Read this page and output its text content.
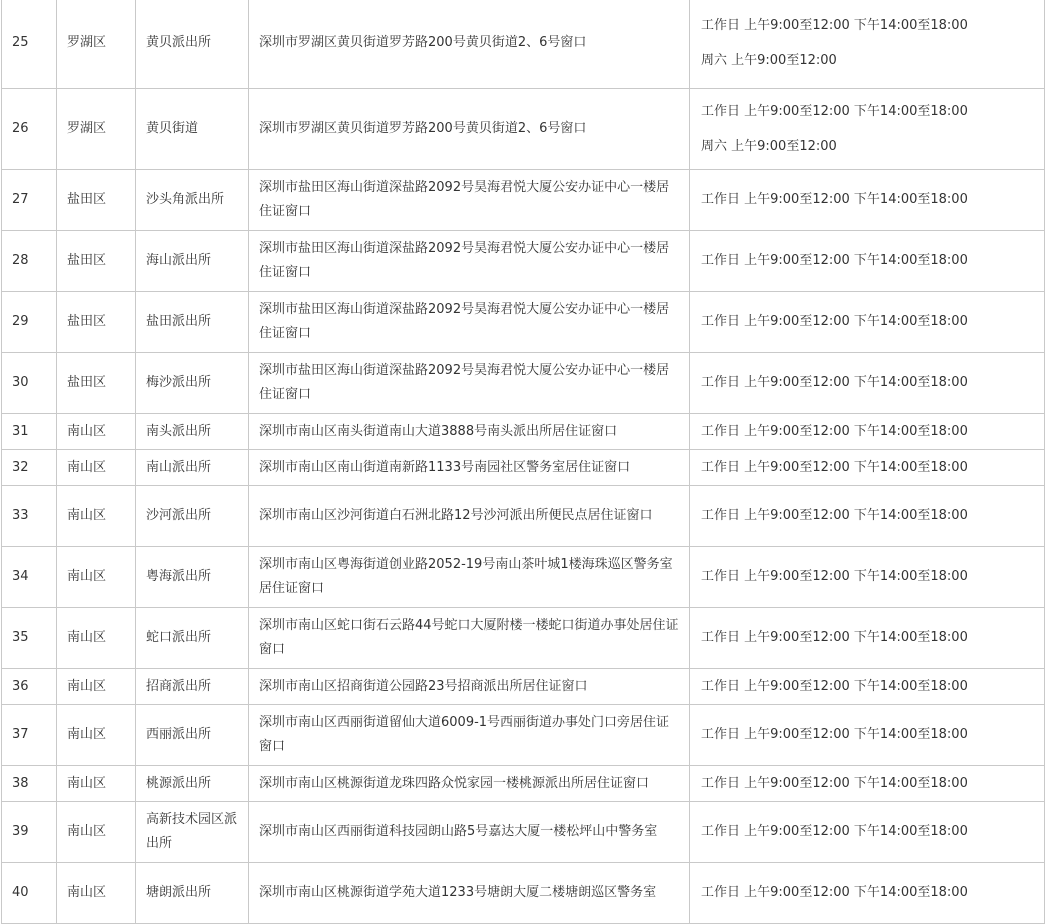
25	罗湖区	黄贝派出所	深圳市罗湖区黄贝街道罗芳路200号黄贝街道2、6号窗口	工作日 上午9:00至12:00 下午14:00至18:00
周六 上午9:00至12:00

26	罗湖区	黄贝街道	深圳市罗湖区黄贝街道罗芳路200号黄贝街道2、6号窗口	工作日 上午9:00至12:00 下午14:00至18:00
周六 上午9:00至12:00

27	盐田区	沙头角派出所	深圳市盐田区海山街道深盐路2092号昊海君悦大厦公安办证中心一楼居住证窗口	工作日 上午9:00至12:00 下午14:00至18:00

28	盐田区	海山派出所	深圳市盐田区海山街道深盐路2092号昊海君悦大厦公安办证中心一楼居住证窗口	工作日 上午9:00至12:00 下午14:00至18:00

29	盐田区	盐田派出所	深圳市盐田区海山街道深盐路2092号昊海君悦大厦公安办证中心一楼居住证窗口	工作日 上午9:00至12:00 下午14:00至18:00

30	盐田区	梅沙派出所	深圳市盐田区海山街道深盐路2092号昊海君悦大厦公安办证中心一楼居住证窗口	工作日 上午9:00至12:00 下午14:00至18:00

31	南山区	南头派出所	深圳市南山区南头街道南山大道3888号南头派出所居住证窗口	工作日 上午9:00至12:00 下午14:00至18:00

32	南山区	南山派出所	深圳市南山区南山街道南新路1133号南园社区警务室居住证窗口	工作日 上午9:00至12:00 下午14:00至18:00

33	南山区	沙河派出所	深圳市南山区沙河街道白石洲北路12号沙河派出所便民点居住证窗口	工作日 上午9:00至12:00 下午14:00至18:00

34	南山区	粤海派出所	深圳市南山区粤海街道创业路2052-19号南山茶叶城1楼海珠巡区警务室居住证窗口	工作日 上午9:00至12:00 下午14:00至18:00

35	南山区	蛇口派出所	深圳市南山区蛇口街石云路44号蛇口大厦附楼一楼蛇口街道办事处居住证窗口	工作日 上午9:00至12:00 下午14:00至18:00

36	南山区	招商派出所	深圳市南山区招商街道公园路23号招商派出所居住证窗口	工作日 上午9:00至12:00 下午14:00至18:00

37	南山区	西丽派出所	深圳市南山区西丽街道留仙大道6009-1号西丽街道办事处门口旁居住证窗口	工作日 上午9:00至12:00 下午14:00至18:00

38	南山区	桃源派出所	深圳市南山区桃源街道龙珠四路众悦家园一楼桃源派出所居住证窗口	工作日 上午9:00至12:00 下午14:00至18:00

39	南山区	高新技术园区派出所	深圳市南山区西丽街道科技园朗山路5号嘉达大厦一楼松坪山中警务室	工作日 上午9:00至12:00 下午14:00至18:00

40	南山区	塘朗派出所	深圳市南山区桃源街道学苑大道1233号塘朗大厦二楼塘朗巡区警务室	工作日 上午9:00至12:00 下午14:00至18:00
